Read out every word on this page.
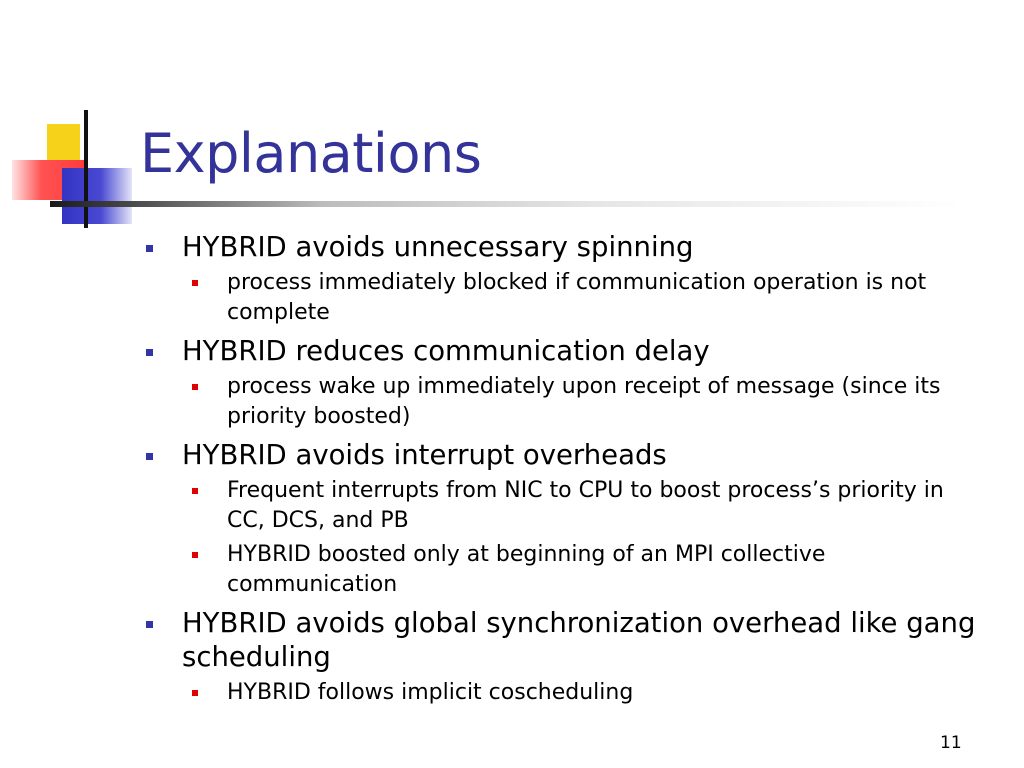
Explanations
HYBRID avoids unnecessary spinning
process immediately blocked if communication operation is not complete
HYBRID reduces communication delay
process wake up immediately upon receipt of message (since its priority boosted)
HYBRID avoids interrupt overheads
Frequent interrupts from NIC to CPU to boost process’s priority in CC, DCS, and PB
HYBRID boosted only at beginning of an MPI collective communication
HYBRID avoids global synchronization overhead like gang scheduling
HYBRID follows implicit coscheduling
11
